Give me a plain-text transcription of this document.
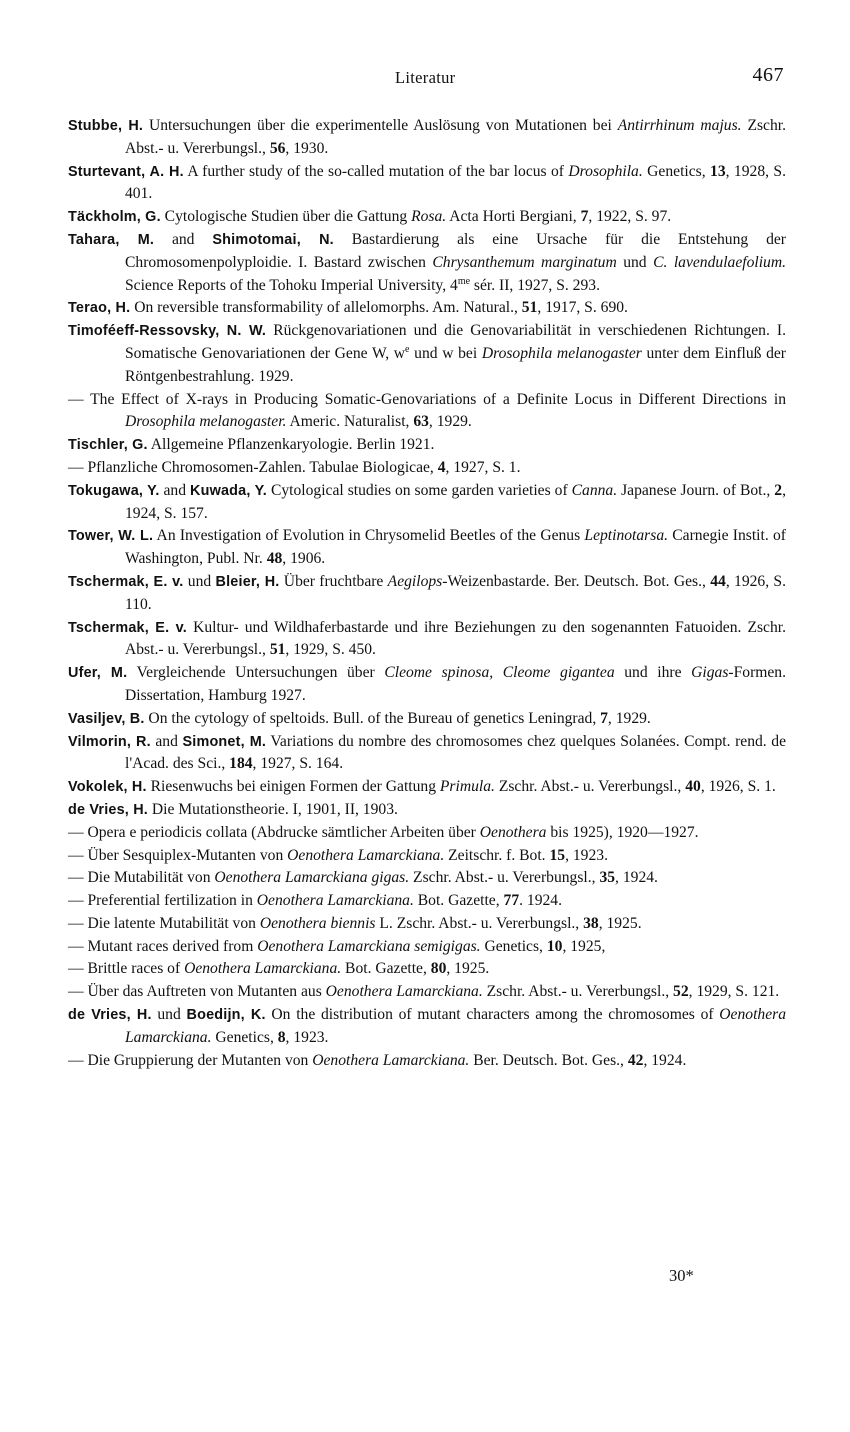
Literatur	467
Stubbe, H. Untersuchungen über die experimentelle Auslösung von Mutationen bei Antirrhinum majus. Zschr. Abst.- u. Vererbungsl., 56, 1930.
Sturtevant, A. H. A further study of the so-called mutation of the bar locus of Drosophila. Genetics, 13, 1928, S. 401.
Täckholm, G. Cytologische Studien über die Gattung Rosa. Acta Horti Bergiani, 7, 1922, S. 97.
Tahara, M. and Shimotomai, N. Bastardierung als eine Ursache für die Entstehung der Chromosomenpolyploidie. I. Bastard zwischen Chrysanthemum marginatum und C. lavendulaefolium. Science Reports of the Tohoku Imperial University, $4^{me}$ sér. II, 1927, S. 293.
Terao, H. On reversible transformability of allelomorphs. Am. Natural., 51, 1917, S. 690.
Timoféeff-Ressovsky, N. W. Rückgenovariationen und die Genovariabilität in verschiedenen Richtungen. I. Somatische Genovariationen der Gene W, $w^e$ und w bei Drosophila melanogaster unter dem Einfluß der Röntgenbestrahlung. 1929.
— The Effect of X-rays in Producing Somatic-Genovariations of a Definite Locus in Different Directions in Drosophila melanogaster. Americ. Naturalist, 63, 1929.
Tischler, G. Allgemeine Pflanzenkaryologie. Berlin 1921.
— Pflanzliche Chromosomen-Zahlen. Tabulae Biologicae, 4, 1927, S. 1.
Tokugawa, Y. and Kuwada, Y. Cytological studies on some garden varieties of Canna. Japanese Journ. of Bot., 2, 1924, S. 157.
Tower, W. L. An Investigation of Evolution in Chrysomelid Beetles of the Genus Leptinotarsa. Carnegie Instit. of Washington, Publ. Nr. 48, 1906.
Tschermak, E. v. und Bleier, H. Über fruchtbare Aegilops-Weizenbastarde. Ber. Deutsch. Bot. Ges., 44, 1926, S. 110.
Tschermak, E. v. Kultur- und Wildhaferbastarde und ihre Beziehungen zu den sogenannten Fatuoiden. Zschr. Abst.- u. Vererbungsl., 51, 1929, S. 450.
Ufer, M. Vergleichende Untersuchungen über Cleome spinosa, Cleome gigantea und ihre Gigas-Formen. Dissertation, Hamburg 1927.
Vasiljev, B. On the cytology of speltoids. Bull. of the Bureau of genetics Leningrad, 7, 1929.
Vilmorin, R. and Simonet, M. Variations du nombre des chromosomes chez quelques Solanées. Compt. rend. de l'Acad. des Sci., 184, 1927, S. 164.
Vokolek, H. Riesenwuchs bei einigen Formen der Gattung Primula. Zschr. Abst.- u. Vererbungsl., 40, 1926, S. 1.
de Vries, H. Die Mutationstheorie. I, 1901, II, 1903.
— Opera e periodicis collata (Abdrucke sämtlicher Arbeiten über Oenothera bis 1925), 1920—1927.
— Über Sesquiplex-Mutanten von Oenothera Lamarckiana. Zeitschr. f. Bot. 15, 1923.
— Die Mutabilität von Oenothera Lamarckiana gigas. Zschr. Abst.- u. Vererbungsl., 35, 1924.
— Preferential fertilization in Oenothera Lamarckiana. Bot. Gazette, 77. 1924.
— Die latente Mutabilität von Oenothera biennis L. Zschr. Abst.- u. Vererbungsl., 38, 1925.
— Mutant races derived from Oenothera Lamarckiana semigigas. Genetics, 10, 1925,
— Brittle races of Oenothera Lamarckiana. Bot. Gazette, 80, 1925.
— Über das Auftreten von Mutanten aus Oenothera Lamarckiana. Zschr. Abst.- u. Vererbungsl., 52, 1929, S. 121.
de Vries, H. und Boedijn, K. On the distribution of mutant characters among the chromosomes of Oenothera Lamarckiana. Genetics, 8, 1923.
— Die Gruppierung der Mutanten von Oenothera Lamarckiana. Ber. Deutsch. Bot. Ges., 42, 1924.
30*
